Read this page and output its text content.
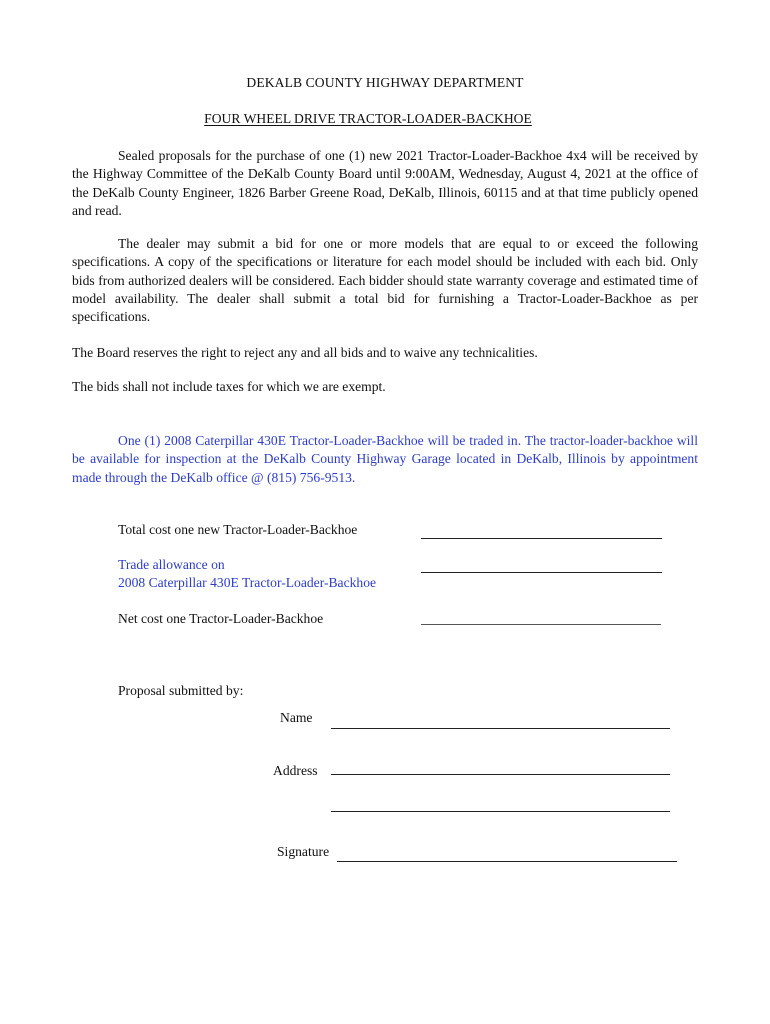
DEKALB COUNTY HIGHWAY DEPARTMENT
FOUR WHEEL DRIVE TRACTOR-LOADER-BACKHOE

Sealed proposals for the purchase of one (1) new 2021 Tractor-Loader-Backhoe 4x4 will be received by the Highway Committee of the DeKalb County Board until 9:00AM, Wednesday, August 4, 2021 at the office of the DeKalb County Engineer, 1826 Barber Greene Road, DeKalb, Illinois, 60115 and at that time publicly opened and read.

The dealer may submit a bid for one or more models that are equal to or exceed the following specifications. A copy of the specifications or literature for each model should be included with each bid. Only bids from authorized dealers will be considered. Each bidder should state warranty coverage and estimated time of model availability. The dealer shall submit a total bid for furnishing a Tractor-Loader-Backhoe as per specifications.

The Board reserves the right to reject any and all bids and to waive any technicalities.

The bids shall not include taxes for which we are exempt.

One (1) 2008 Caterpillar 430E Tractor-Loader-Backhoe will be traded in. The tractor-loader-backhoe will be available for inspection at the DeKalb County Highway Garage located in DeKalb, Illinois by appointment made through the DeKalb office @ (815) 756-9513.

Total cost one new Tractor-Loader-Backhoe
Trade allowance on
2008 Caterpillar 430E Tractor-Loader-Backhoe
Net cost one Tractor-Loader-Backhoe
Proposal submitted by:
Name
Address
Signature
